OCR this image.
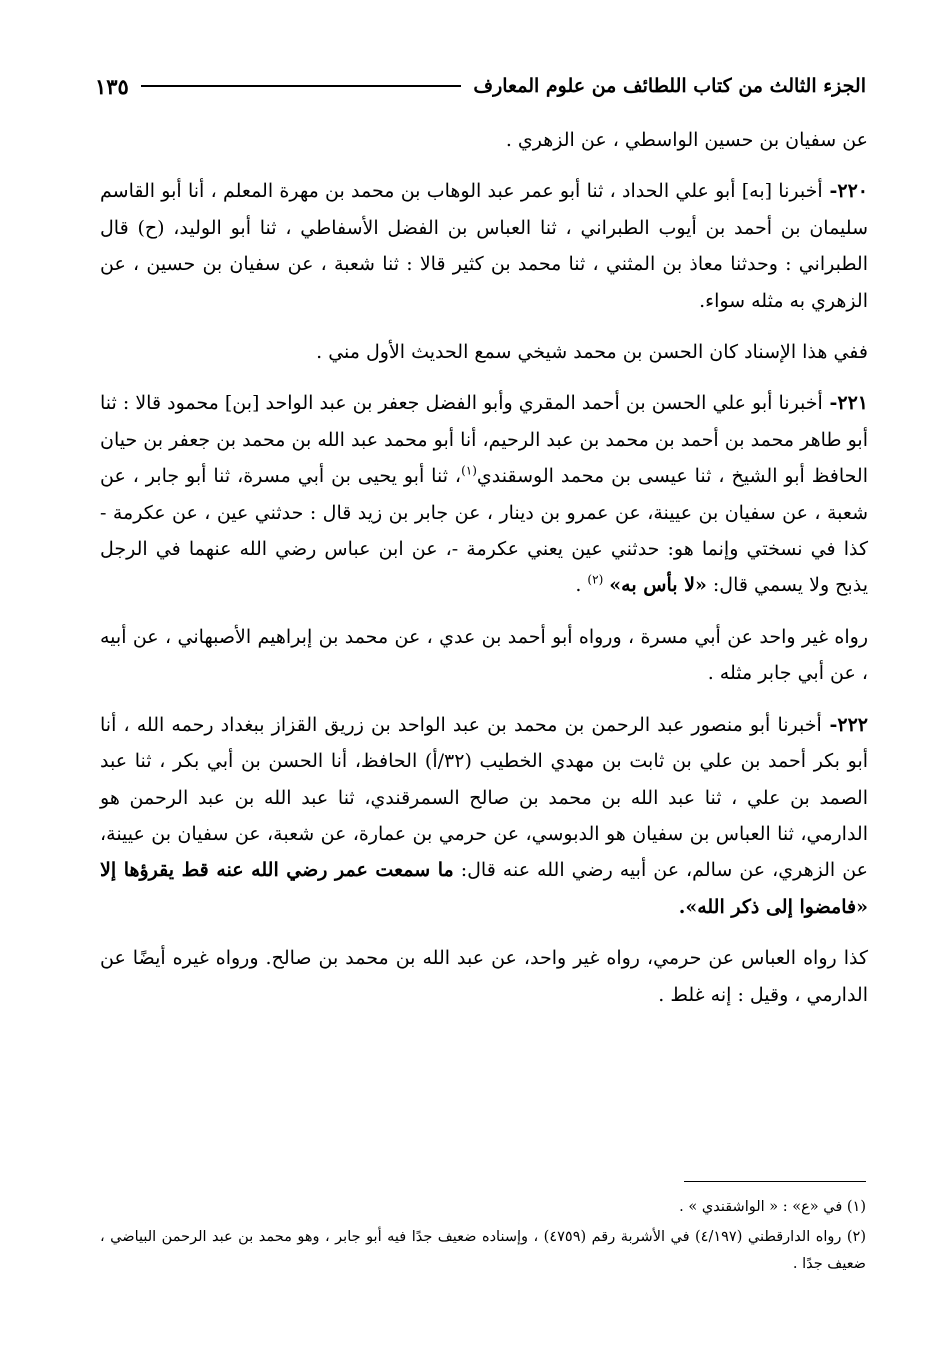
الجزء الثالث من كتاب اللطائف من علوم المعارف
١٣٥

عن سفيان بن حسين الواسطي ، عن الزهري .

٢٢٠- أخبرنا [به] أبو علي الحداد ، ثنا أبو عمر عبد الوهاب بن محمد بن مهرة المعلم ، أنا أبو القاسم سليمان بن أحمد بن أيوب الطبراني ، ثنا العباس بن الفضل الأسفاطي ، ثنا أبو الوليد، (ح) قال الطبراني : وحدثنا معاذ بن المثني ، ثنا محمد بن كثير قالا : ثنا شعبة ، عن سفيان بن حسين ، عن الزهري به مثله سواء.

ففي هذا الإسناد كان الحسن بن محمد شيخي سمع الحديث الأول مني .

٢٢١- أخبرنا أبو علي الحسن بن أحمد المقري وأبو الفضل جعفر بن عبد الواحد [بن] محمود قالا : ثنا أبو طاهر محمد بن أحمد بن محمد بن عبد الرحيم، أنا أبو محمد عبد الله بن محمد بن جعفر بن حيان الحافظ أبو الشيخ ، ثنا عيسى بن محمد الوسقندي$^{(١)}$، ثنا أبو يحيى بن أبي مسرة، ثنا أبو جابر ، عن شعبة ، عن سفيان بن عيينة، عن عمرو بن دينار ، عن جابر بن زيد قال : حدثني عين ، عن عكرمة - كذا في نسختي وإنما هو: حدثني عين يعني عكرمة -، عن ابن عباس رضي الله عنهما في الرجل يذبح ولا يسمي قال: «لا بأس به» $^{(٢)}$ .

رواه غير واحد عن أبي مسرة ، ورواه أبو أحمد بن عدي ، عن محمد بن إبراهيم الأصبهاني ، عن أبيه ، عن أبي جابر مثله .

٢٢٢- أخبرنا أبو منصور عبد الرحمن بن محمد بن عبد الواحد بن زريق القزاز ببغداد رحمه الله ، أنا أبو بكر أحمد بن علي بن ثابت بن مهدي الخطيب (٣٢/أ) الحافظ، أنا الحسن بن أبي بكر ، ثنا عبد الصمد بن علي ، ثنا عبد الله بن محمد بن صالح السمرقندي، ثنا عبد الله بن عبد الرحمن هو الدارمي، ثنا العباس بن سفيان هو الدبوسي، عن حرمي بن عمارة، عن شعبة، عن سفيان بن عيينة، عن الزهري، عن سالم، عن أبيه رضي الله عنه قال: ما سمعت عمر رضي الله عنه قط يقرؤها إلا «فامضوا إلى ذكر الله».

كذا رواه العباس عن حرمي، رواه غير واحد، عن عبد الله بن محمد بن صالح. ورواه غيره أيضًا عن الدارمي ، وقيل : إنه غلط .

(١) في «ع» : « الواشقندي » .

(٢) رواه الدارقطني (٤/١٩٧) في الأشربة رقم (٤٧٥٩) ، وإسناده ضعيف جدًا فيه أبو جابر ، وهو محمد بن عبد الرحمن البياضي ، ضعيف جدًا .
